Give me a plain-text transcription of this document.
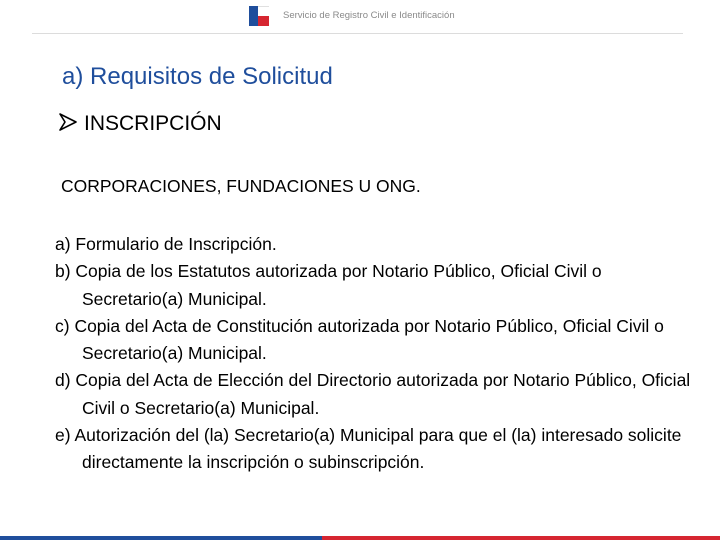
Servicio de Registro Civil e Identificación
a) Requisitos de Solicitud
INSCRIPCIÓN
CORPORACIONES, FUNDACIONES U ONG.
a) Formulario de Inscripción.
b) Copia de los Estatutos autorizada por Notario Público, Oficial Civil o Secretario(a) Municipal.
c) Copia del Acta de Constitución autorizada por Notario Público, Oficial Civil o Secretario(a) Municipal.
d) Copia del Acta de Elección del Directorio autorizada por Notario Público, Oficial Civil o Secretario(a) Municipal.
e) Autorización del (la) Secretario(a) Municipal para que el (la) interesado solicite directamente la inscripción o subinscripción.
